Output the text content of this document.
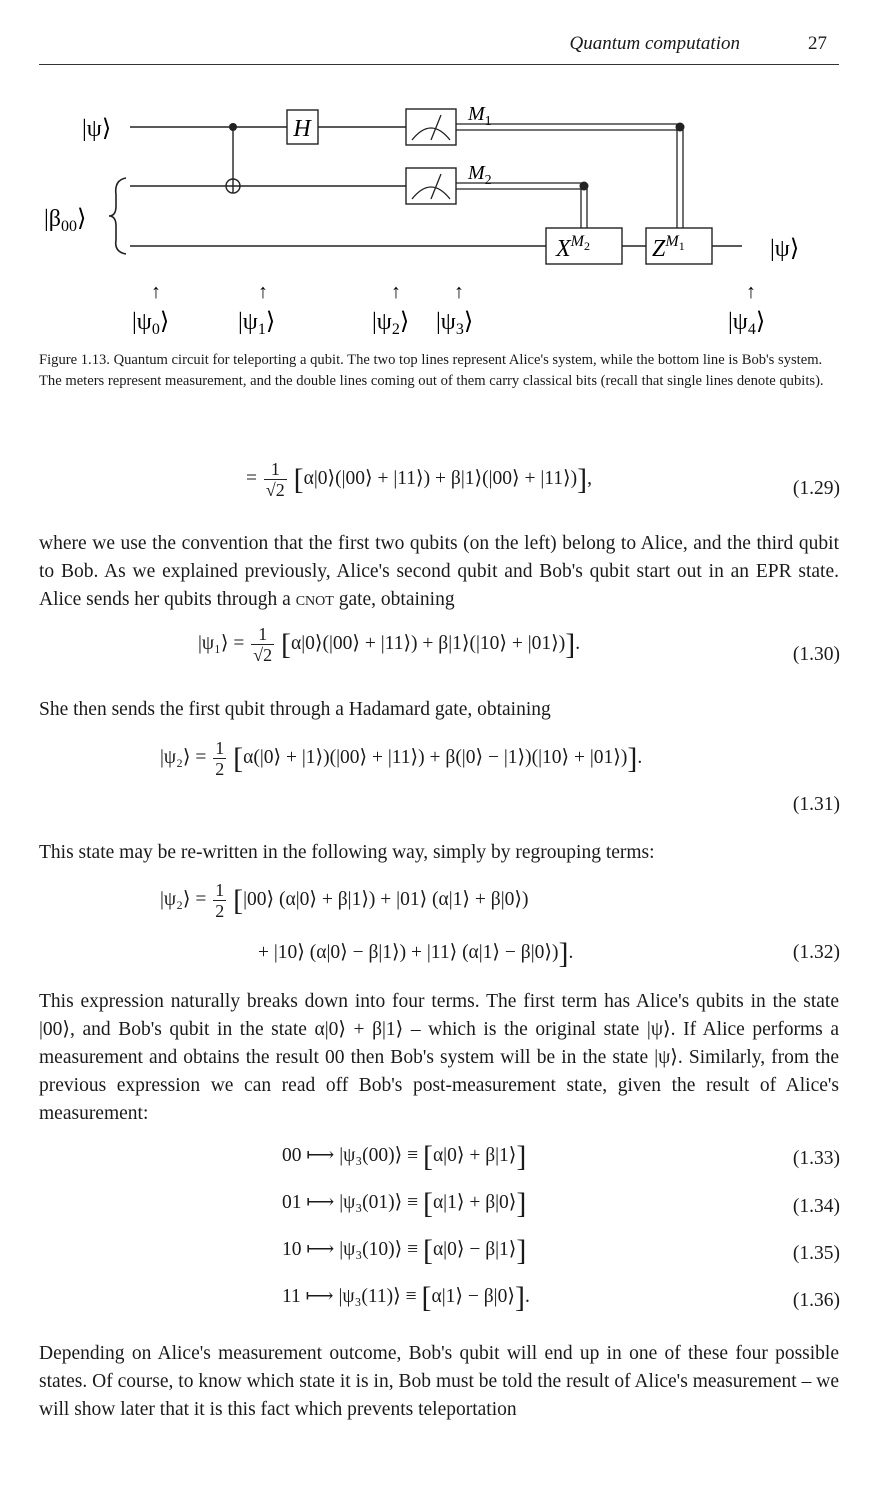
Quantum computation	27
H
$M_1$
$M_2$
$X^M2$	$Z^M1$
|ψ⟩
$|\beta_{00}⟩$
|ψ⟩
↑
$|\psi_0⟩$
↑
$|\psi_1⟩$
↑
$|\psi_2⟩$
↑
$|\psi_3⟩$
↑
$|\psi_4⟩$
Figure 1.13. Quantum circuit for teleporting a qubit. The two top lines represent Alice's system, while the bottom line is Bob's system. The meters represent measurement, and the double lines coming out of them carry classical bits (recall that single lines denote qubits).
= $\frac{1}{√2}$ [α|0⟩(|00⟩ + |11⟩) + β|1⟩(|00⟩ + |11⟩)],	(1.29)
where we use the convention that the first two qubits (on the left) belong to Alice, and the third qubit to Bob. As we explained previously, Alice's second qubit and Bob's qubit start out in an EPR state. Alice sends her qubits through a cnot gate, obtaining
|ψ₁⟩ = $\frac{1}{√2}$ [α|0⟩(|00⟩ + |11⟩) + β|1⟩(|10⟩ + |01⟩)].
(1.30)
She then sends the first qubit through a Hadamard gate, obtaining
|ψ₂⟩ = $\frac{1}{2}$ [α(|0⟩ + |1⟩)(|00⟩ + |11⟩) + β(|0⟩ − |1⟩)(|10⟩ + |01⟩)].
(1.31)
This state may be re-written in the following way, simply by regrouping terms:
|ψ₂⟩ = $\frac{1}{2}$ [|00⟩ (α|0⟩ + β|1⟩) + |01⟩ (α|1⟩ + β|0⟩)
+ |10⟩ (α|0⟩ − β|1⟩) + |11⟩ (α|1⟩ − β|0⟩)].	(1.32)
This expression naturally breaks down into four terms. The first term has Alice's qubits in the state |00⟩, and Bob's qubit in the state α|0⟩ + β|1⟩ – which is the original state |ψ⟩. If Alice performs a measurement and obtains the result 00 then Bob's system will be in the state |ψ⟩. Similarly, from the previous expression we can read off Bob's post-measurement state, given the result of Alice's measurement:
00 ⟼ |ψ₃(00)⟩ ≡ [α|0⟩ + β|1⟩]	(1.33)
01 ⟼ |ψ₃(01)⟩ ≡ [α|1⟩ + β|0⟩]	(1.34)
10 ⟼ |ψ₃(10)⟩ ≡ [α|0⟩ − β|1⟩]	(1.35)
11 ⟼ |ψ₃(11)⟩ ≡ [α|1⟩ − β|0⟩].	(1.36)
Depending on Alice's measurement outcome, Bob's qubit will end up in one of these four possible states. Of course, to know which state it is in, Bob must be told the result of Alice's measurement – we will show later that it is this fact which prevents teleportation
